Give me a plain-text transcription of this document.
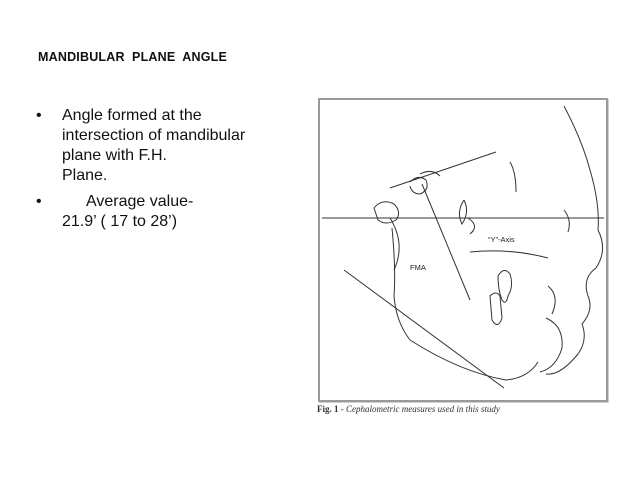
MANDIBULAR  PLANE  ANGLE
• Angle formed at the
intersection of mandibular
plane with F.H.
Plane.
•	Average value-
21.9’ ( 17 to 28’)
“Y”-Axis
FMA
Fig. 1 - Cephalometric measures used in this study
